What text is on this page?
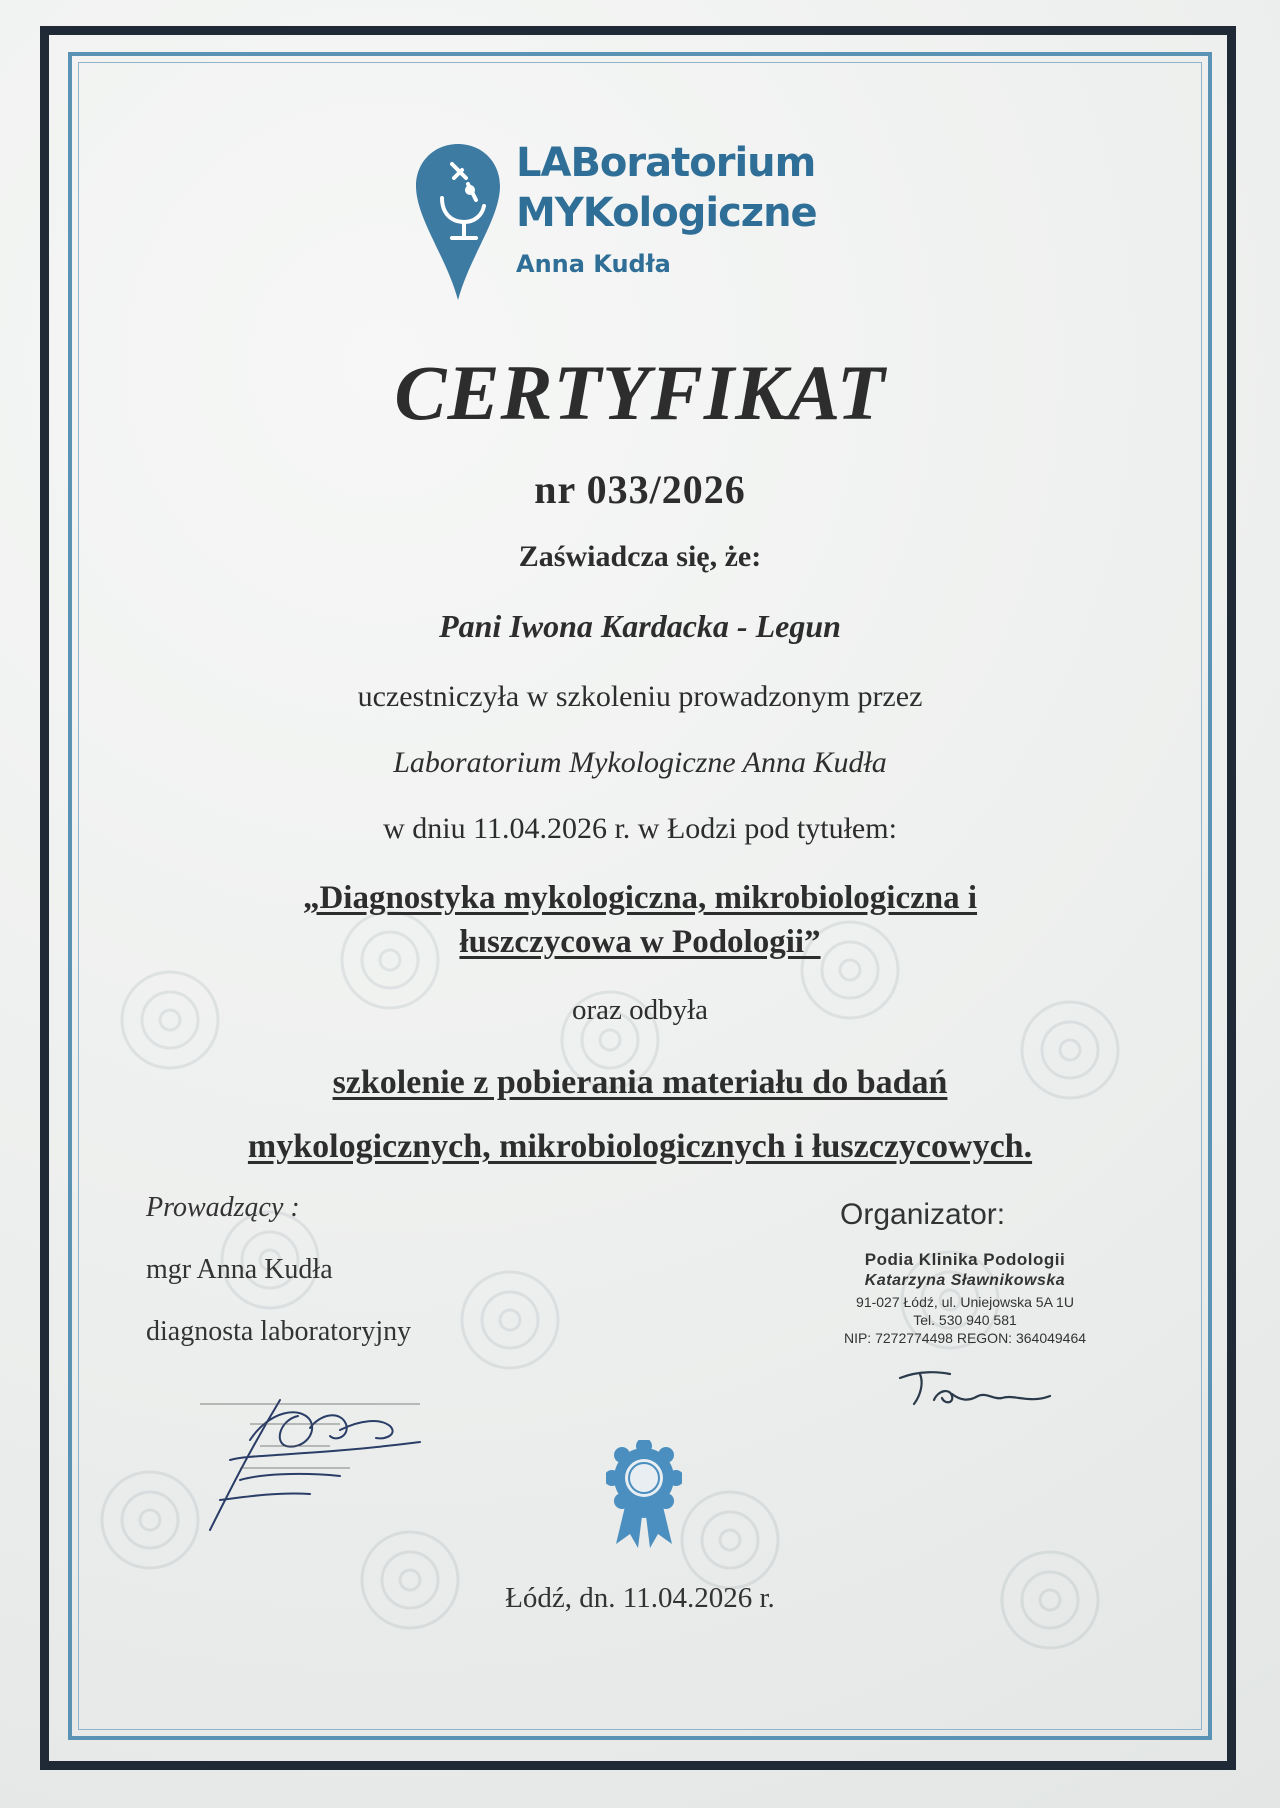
LABoratorium
MYKologiczne
Anna Kudła
CERTYFIKAT
nr 033/2026
Zaświadcza się, że:
Pani Iwona Kardacka - Legun
uczestniczyła w szkoleniu prowadzonym przez
Laboratorium Mykologiczne Anna Kudła
w dniu 11.04.2026 r. w Łodzi pod tytułem:
„Diagnostyka mykologiczna, mikrobiologiczna i
łuszczycowa w Podologii”
oraz odbyła
szkolenie z pobierania materiału do badań
mykologicznych, mikrobiologicznych i łuszczycowych.
Prowadzący :
mgr Anna Kudła
diagnosta laboratoryjny
Organizator:
Podia Klinika Podologii
Katarzyna Sławnikowska
91-027 Łódź, ul. Uniejowska 5A 1U
Tel. 530 940 581
NIP: 7272774498 REGON: 364049464
Łódź, dn. 11.04.2026 r.
